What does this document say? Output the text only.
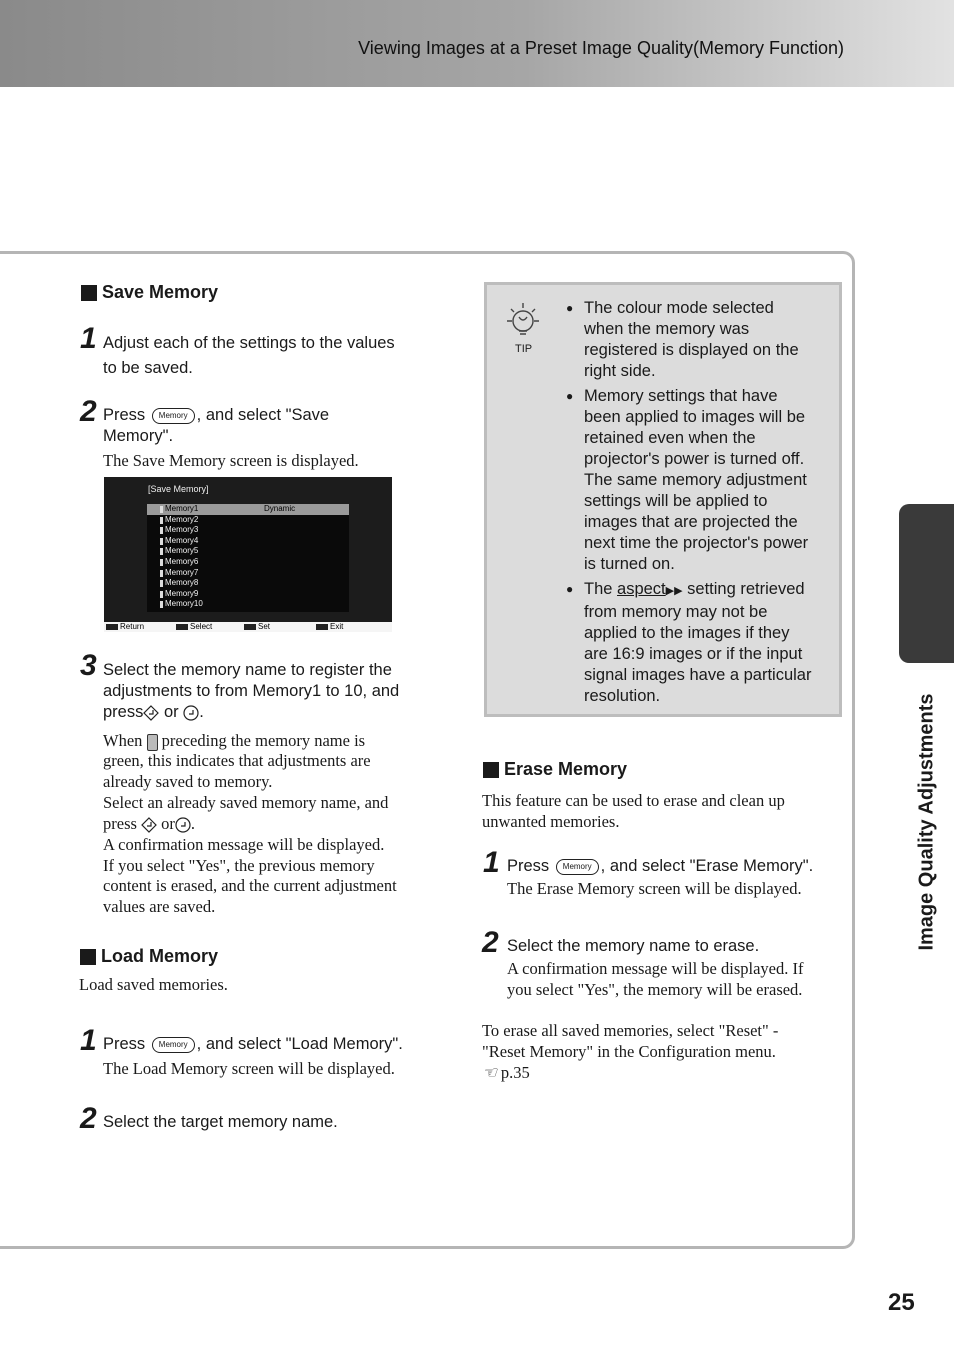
Viewing Images at a Preset Image Quality(Memory Function)
Image Quality Adjustments
25
Save Memory
1 Adjust each of the settings to the values
to be saved.
2 Press Memory , and select "Save
Memory".
The Save Memory screen is displayed.
[Save Memory]
Memory1	Dynamic
Memory2
Memory3
Memory4
Memory5
Memory6
Memory7
Memory8
Memory9
Memory10
Return	Select	Set	Exit
3 Select the memory name to register the
adjustments to from Memory1 to 10, and
press or .
When preceding the memory name is
green, this indicates that adjustments are
already saved to memory.
Select an already saved memory name, and
press or .
A confirmation message will be displayed.
If you select "Yes", the previous memory
content is erased, and the current adjustment
values are saved.
Load Memory
Load saved memories.
1 Press Memory , and select "Load Memory".
The Load Memory screen will be displayed.
2 Select the target memory name.
TIP
● The colour mode selected when the memory was registered is displayed on the right side.
● Memory settings that have been applied to images will be retained even when the projector's power is turned off. The same memory adjustment settings will be applied to images that are projected the next time the projector's power is turned on.
● The aspect▶▶ setting retrieved from memory may not be applied to the images if they are 16:9 images or if the input signal images have a particular resolution.
Erase Memory
This feature can be used to erase and clean up
unwanted memories.
1 Press Memory , and select "Erase Memory".
The Erase Memory screen will be displayed.
2 Select the memory name to erase.
A confirmation message will be displayed. If
you select "Yes", the memory will be erased.
To erase all saved memories, select "Reset" -
"Reset Memory" in the Configuration menu.
☜ p.35
